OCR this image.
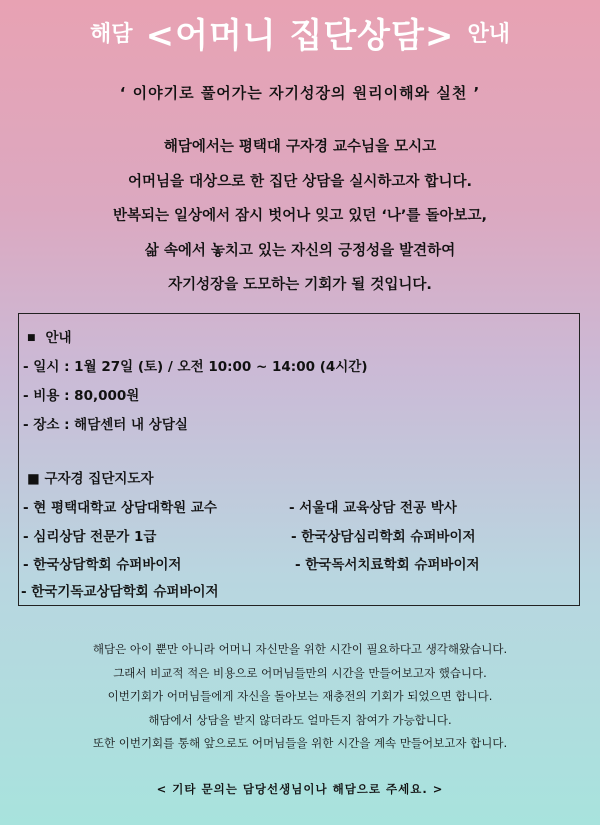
해담 <어머니 집단상담> 안내
‘ 이야기로 풀어가는 자기성장의 원리이해와 실천 ’
해담에서는 평택대 구자경 교수님을 모시고
어머님을 대상으로 한 집단 상담을 실시하고자 합니다.
반복되는 일상에서 잠시 벗어나 잊고 있던 ‘나’를 돌아보고,
삶 속에서 놓치고 있는 자신의 긍정성을 발견하여
자기성장을 도모하는 기회가 될 것입니다.
■ 안내
- 일시 : 1월 27일 (토) / 오전 10:00 ~ 14:00 (4시간)
- 비용 : 80,000원
- 장소 : 해담센터 내 상담실
■ 구자경 집단지도자
- 현 평택대학교 상담대학원 교수
- 심리상담 전문가 1급
- 한국상담학회 슈퍼바이저
- 한국기독교상담학회 슈퍼바이저
- 서울대 교육상담 전공 박사
- 한국상담심리학회 슈퍼바이저
- 한국독서치료학회 슈퍼바이저
해담은 아이 뿐만 아니라 어머니 자신만을 위한 시간이 필요하다고 생각해왔습니다.
그래서 비교적 적은 비용으로 어머님들만의 시간을 만들어보고자 했습니다.
이번기회가 어머님들에게 자신을 돌아보는 재충전의 기회가 되었으면 합니다.
해담에서 상담을 받지 않더라도 얼마든지 참여가 가능합니다.
또한 이번기회를 통해 앞으로도 어머님들을 위한 시간을 계속 만들어보고자 합니다.
< 기타 문의는 담당선생님이나 해담으로 주세요. >
